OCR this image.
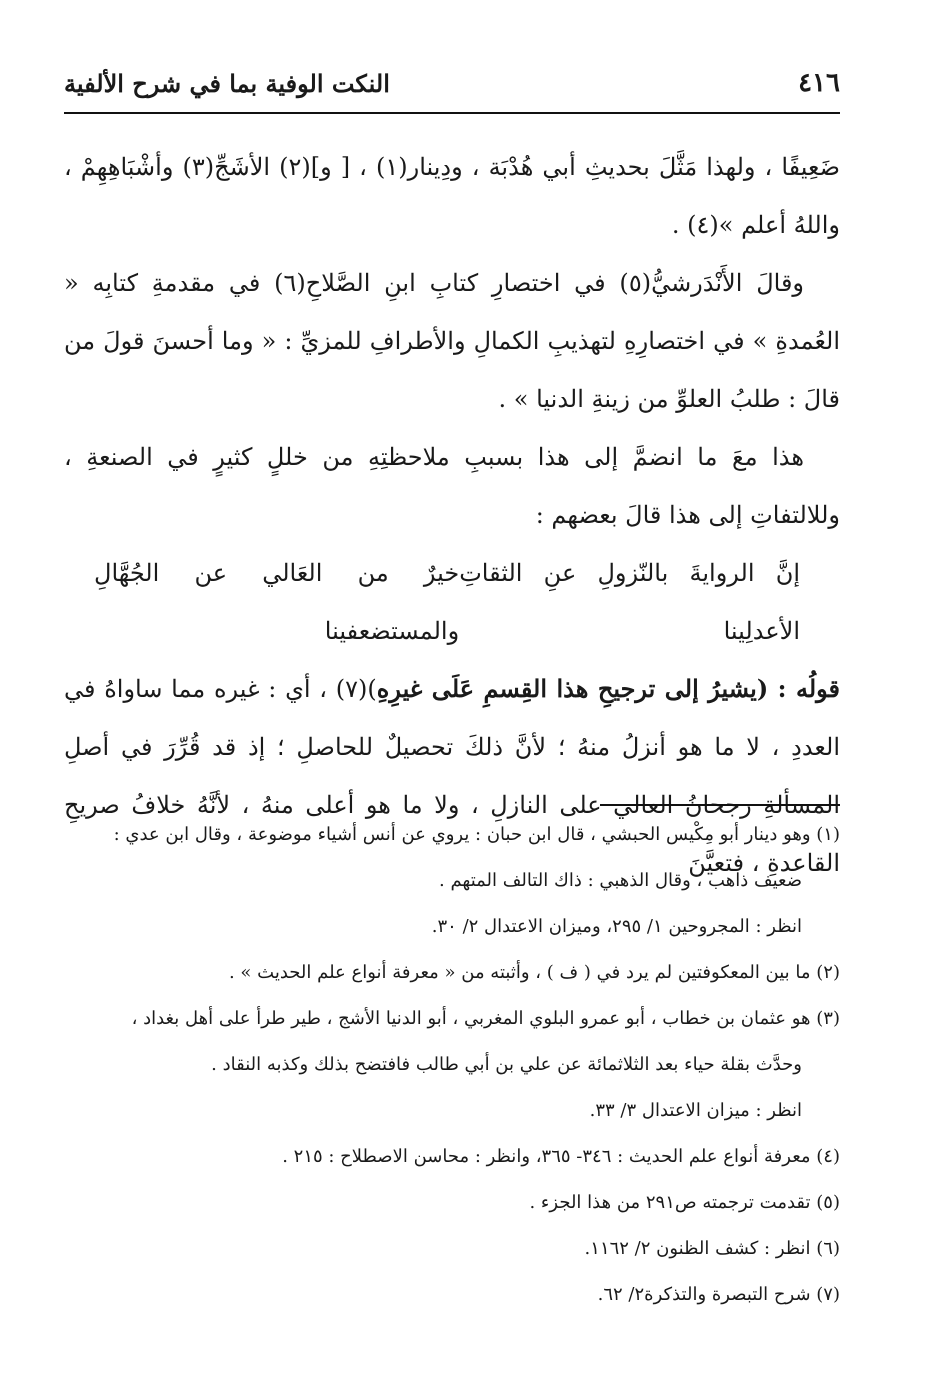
٤١٦
النكت الوفية بما في شرح الألفية

ضَعِيفًا ، ولهذا مَثَّلَ بحديثِ أبي هُدْبَة ، ودِينار(١) ، [ و](٢) الأشَجِّ(٣) وأشْبَاهِهِمْ ، واللهُ أعلم »(٤) .

وقالَ الأَنْدَرشيُّ(٥) في اختصارِ كتابِ ابنِ الصَّلاحِ(٦) في مقدمةِ كتابِه « العُمدةِ » في اختصارِهِ لتهذيبِ الكمالِ والأطرافِ للمزيِّ : « وما أحسنَ قولَ من قالَ : طلبُ العلوِّ من زينةِ الدنيا » .

هذا معَ ما انضمَّ إلى هذا بسببِ ملاحظتِهِ من خللٍ كثيرٍ في الصنعةِ ، وللالتفاتِ إلى هذا قالَ بعضهم :

إنَّ الروايةَ بالنّزولِ عنِ الثقاتِ الأعدلِينا
خيرٌ من العَالي عن الجُهَّالِ والمستضعفينا

قولُه : (يشيرُ إلى ترجيحِ هذا القِسمِ عَلَى غيرِهِ)(٧) ، أي : غيره مما ساواهُ في العددِ ، لا ما هو أنزلُ منهُ ؛ لأنَّ ذلكَ تحصيلٌ للحاصلِ ؛ إذ قد قُرِّرَ في أصلِ المسألةِ رجحانُ العالي على النازلِ ، ولا ما هو أعلى منهُ ، لأنَّهُ خلافُ صريحِ القاعدةِ ، فتعيَّنَ

(١) وهو دينار أبو مِكْيس الحبشي ، قال ابن حبان : يروي عن أنس أشياء موضوعة ، وقال ابن عدي :

ضعيف ذاهب ، وقال الذهبي : ذاك التالف المتهم .

انظر : المجروحين ١/ ٢٩٥، وميزان الاعتدال ٢/ ٣٠.

(٢) ما بين المعكوفتين لم يرد في ( ف ) ، وأثبته من « معرفة أنواع علم الحديث » .

(٣) هو عثمان بن خطاب ، أبو عمرو البلوي المغربي ، أبو الدنيا الأشج ، طير طرأ على أهل بغداد ،

وحدَّث بقلة حياء بعد الثلاثمائة عن علي بن أبي طالب فافتضح بذلك وكذبه النقاد .

انظر : ميزان الاعتدال ٣/ ٣٣.

(٤) معرفة أنواع علم الحديث : ٣٤٦- ٣٦٥، وانظر : محاسن الاصطلاح : ٢١٥ .

(٥) تقدمت ترجمته ص٢٩١ من هذا الجزء .

(٦) انظر : كشف الظنون ٢/ ١١٦٢.

(٧) شرح التبصرة والتذكرة٢/ ٦٢.
